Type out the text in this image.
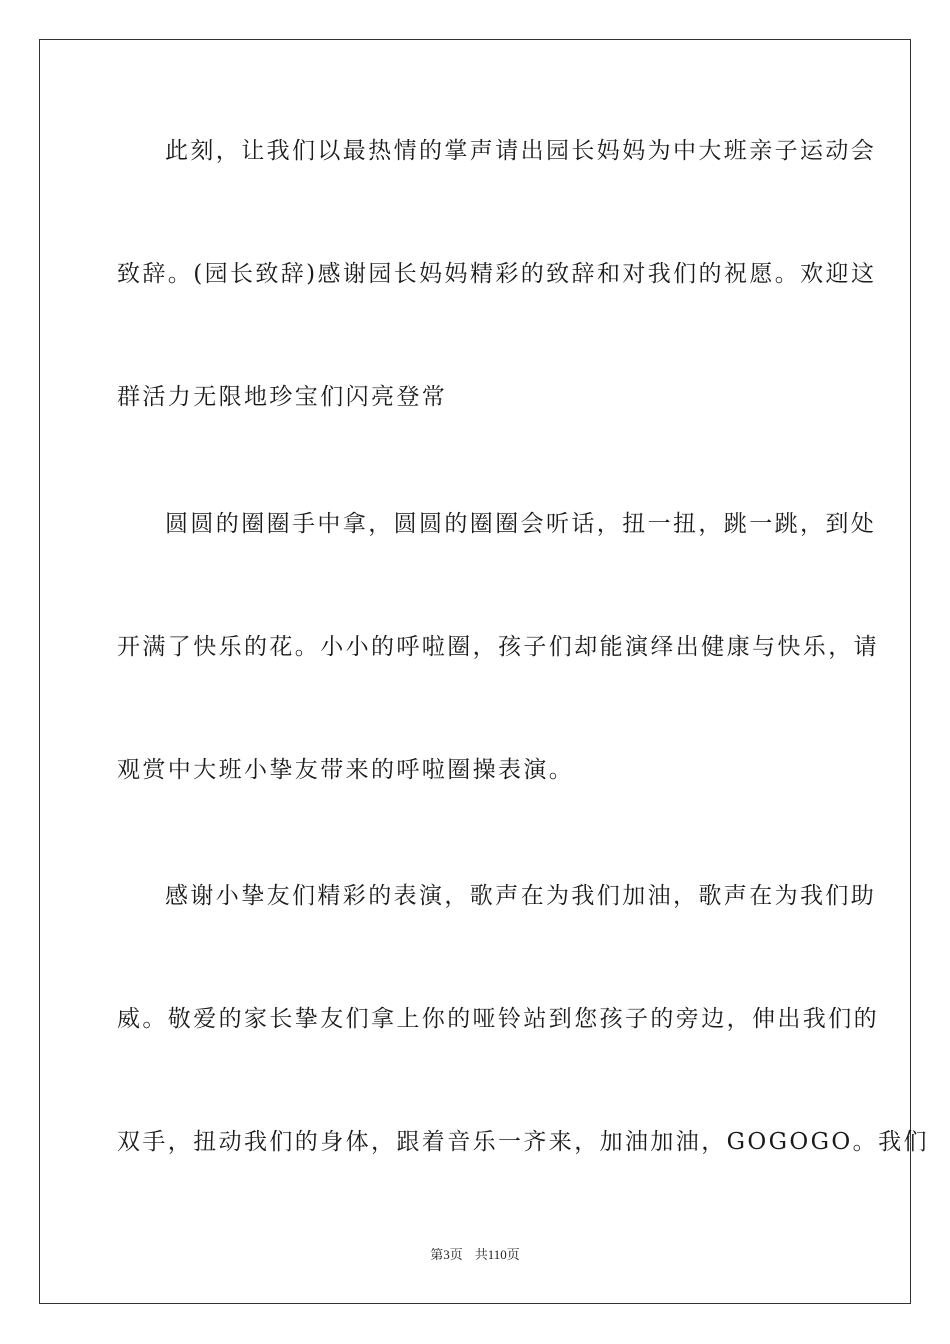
此刻，让我们以最热情的掌声请出园长妈妈为中大班亲子运动会

致辞。(园长致辞)感谢园长妈妈精彩的致辞和对我们的祝愿。欢迎这

群活力无限地珍宝们闪亮登常

圆圆的圈圈手中拿，圆圆的圈圈会听话，扭一扭，跳一跳，到处

开满了快乐的花。小小的呼啦圈，孩子们却能演绎出健康与快乐，请

观赏中大班小挚友带来的呼啦圈操表演。

感谢小挚友们精彩的表演，歌声在为我们加油，歌声在为我们助

威。敬爱的家长挚友们拿上你的哑铃站到您孩子的旁边，伸出我们的

双手，扭动我们的身体，跟着音乐一齐来，加油加油，GOGOGO。我们

第3页 共110页
